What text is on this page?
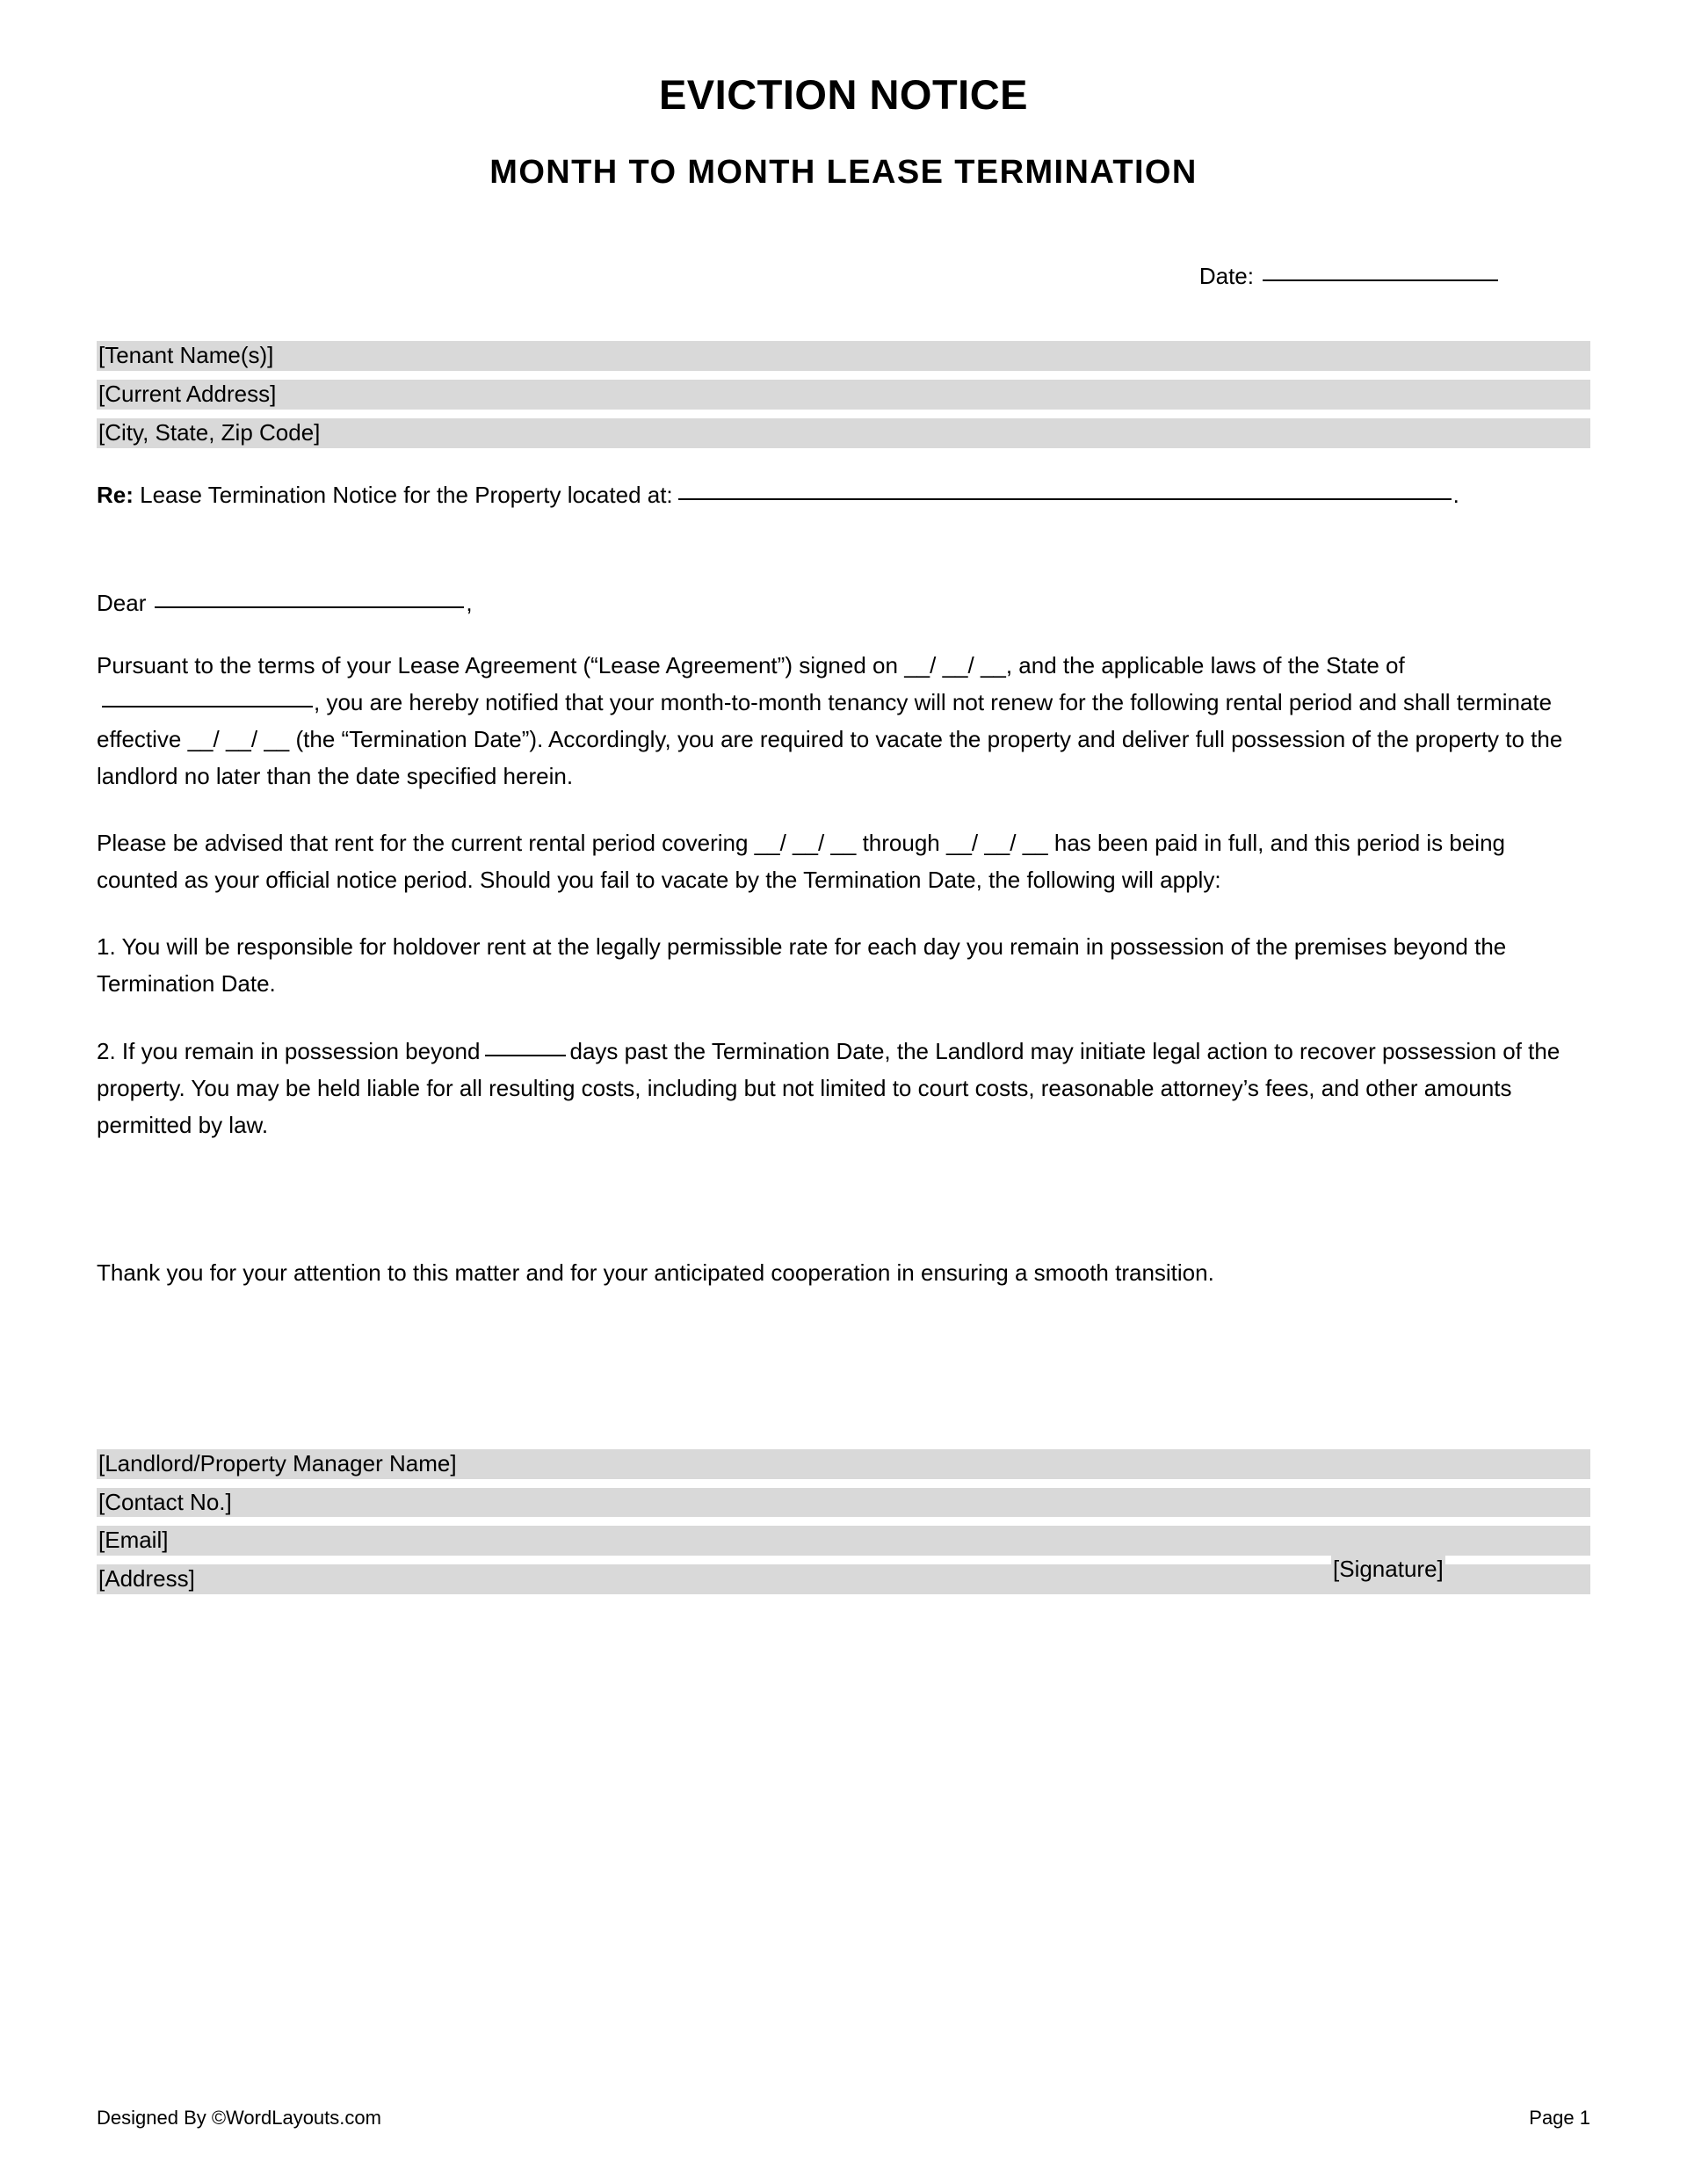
EVICTION NOTICE
MONTH TO MONTH LEASE TERMINATION
Date:
[Tenant Name(s)]
[Current Address]
[City, State, Zip Code]
Re: Lease Termination Notice for the Property located at:	.
Dear	,

Pursuant to the terms of your Lease Agreement (“Lease Agreement”) signed on __/ __/ __, and the applicable laws of the State of, you are hereby notified that your month-to-month tenancy will not renew for the following rental period and shall terminate effective __/ __/ __ (the “Termination Date”). Accordingly, you are required to vacate the property and deliver full possession of the property to the landlord no later than the date specified herein.

Please be advised that rent for the current rental period covering __/ __/ __ through __/ __/ __ has been paid in full, and this period is being counted as your official notice period. Should you fail to vacate by the Termination Date, the following will apply:

1. You will be responsible for holdover rent at the legally permissible rate for each day you remain in possession of the premises beyond the Termination Date.

2. If you remain in possession beyond	days past the Termination Date, the Landlord may initiate legal action to recover possession of the property. You may be held liable for all resulting costs, including but not limited to court costs, reasonable attorney’s fees, and other amounts permitted by law.

Thank you for your attention to this matter and for your anticipated cooperation in ensuring a smooth transition.

[Landlord/Property Manager Name]
[Contact No.]
[Email]
[Address]	[Signature]
Designed By ©WordLayouts.com	Page 1
